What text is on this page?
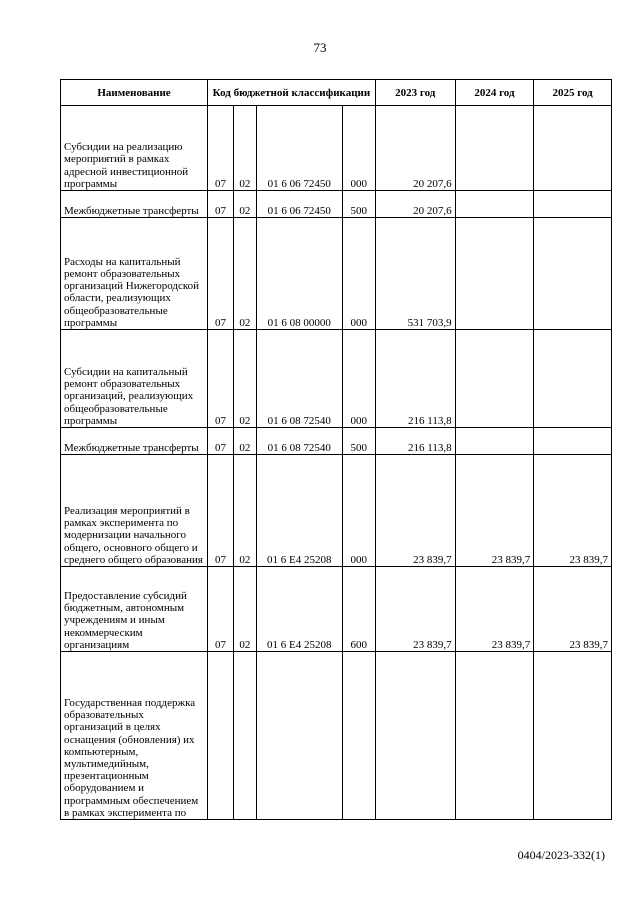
73
Наименование	Код бюджетной классификации				2023 год	2024 год	2025 год
Субсидии на реализацию мероприятий в рамках адресной инвестиционной программы	07	02	01 6 06 72450	000	20 207,6		
Межбюджетные трансферты	07	02	01 6 06 72450	500	20 207,6		
Расходы на капитальный ремонт образовательных организаций Нижегородской области, реализующих общеобразовательные программы	07	02	01 6 08 00000	000	531 703,9		
Субсидии на капитальный ремонт образовательных организаций, реализующих общеобразовательные программы	07	02	01 6 08 72540	000	216 113,8		
Межбюджетные трансферты	07	02	01 6 08 72540	500	216 113,8		
Реализация мероприятий в рамках эксперимента по модернизации начального общего, основного общего и среднего общего образования	07	02	01 6 E4 25208	000	23 839,7	23 839,7	23 839,7
Предоставление субсидий бюджетным, автономным учреждениям и иным некоммерческим организациям	07	02	01 6 E4 25208	600	23 839,7	23 839,7	23 839,7
Государственная поддержка образовательных организаций в целях оснащения (обновления) их компьютерным, мультимедийным, презентационным оборудованием и программным обеспечением в рамках эксперимента по							
0404/2023-332(1)
